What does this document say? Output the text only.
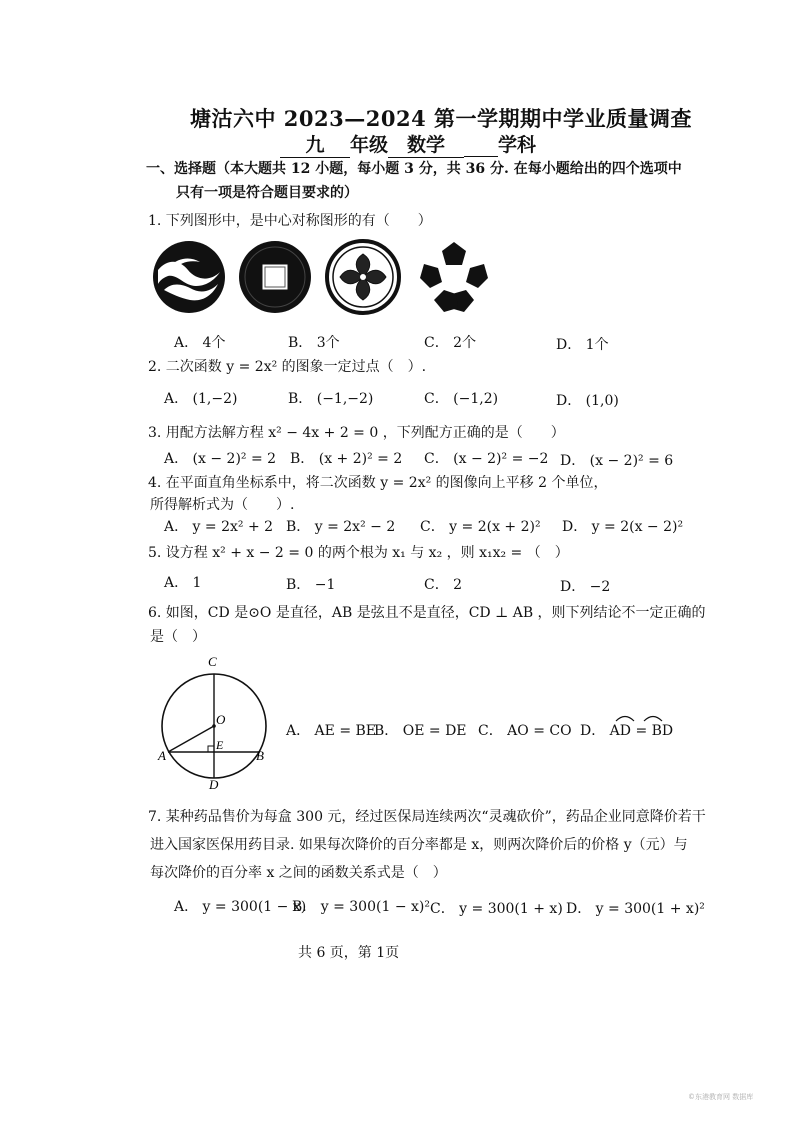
塘沽六中 2023—2024 第一学期期中学业质量调查
九 年级 数学	学科
一、选择题（本大题共 12 小题，每小题 3 分，共 36 分. 在每小题给出的四个选项中
只有一项是符合题目要求的）
1. 下列图形中，是中心对称图形的有（　　）
A． 4个	B． 3个	C． 2个	D． 1个
2. 二次函数 y = 2x² 的图象一定过点（　）.
A． (1,−2)	B． (−1,−2)	C． (−1,2)	D． (1,0)
3. 用配方法解方程 x² − 4x + 2 = 0 ，下列配方正确的是（　　）
A． (x − 2)² = 2 B． (x + 2)² = 2 C． (x − 2)² = −2 D． (x − 2)² = 6
4. 在平面直角坐标系中，将二次函数 y = 2x² 的图像向上平移 2 个单位，
所得解析式为（　　）.
A． y = 2x² + 2 B． y = 2x² − 2 C． y = 2(x + 2)² D． y = 2(x − 2)²
5. 设方程 x² + x − 2 = 0 的两个根为 x₁ 与 x₂ ，则 x₁x₂ = （　）
A． 1	B． −1	C． 2	D． −2
6. 如图，CD 是⊙O 是直径，AB 是弦且不是直径，CD ⊥ AB ，则下列结论不一定正确的
是（　）
C
O
E
A	B
D
A． AE = BE
B． OE = DE C． AO = CO D． AD = BD
7. 某种药品售价为每盒 300 元，经过医保局连续两次“灵魂砍价”，药品企业同意降价若干
进入国家医保用药目录. 如果每次降价的百分率都是 x，则两次降价后的价格 y（元）与
每次降价的百分率 x 之间的函数关系式是（　）
A． y = 300(1 − x)
B． y = 300(1 − x)² C． y = 300(1 + x) D． y = 300(1 + x)²
共 6 页，第 1页
©东港教育网 数据库
